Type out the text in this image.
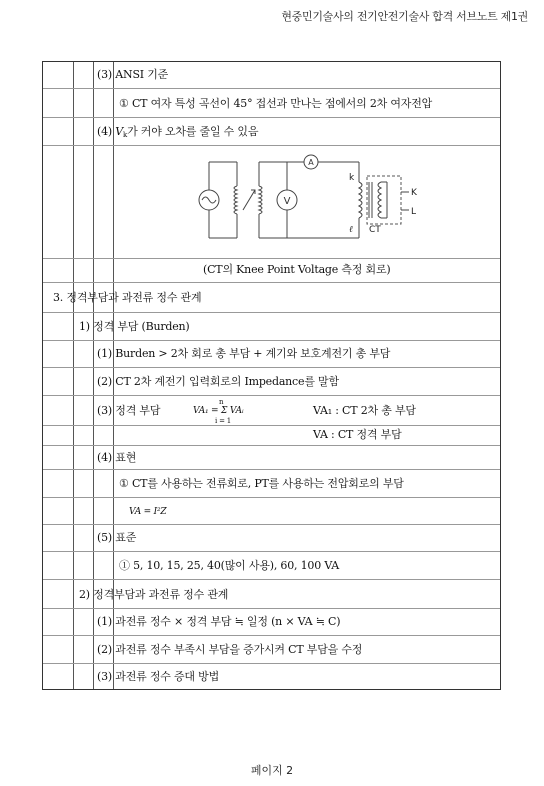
현중민기술사의 전기안전기술사 합격 서브노트 제1권
(3) ANSI 기준
① CT 여자 특성 곡선이 45° 접선과 만나는 점에서의 2차 여자전압
(4) $V_k$가 커야 오차를 줄일 수 있음
V
A
k
ℓ CT
K
L
(CT의 Knee Point Voltage 측정 회로)
3. 정격부담과 과전류 정수 관계
1) 정격 부담 (Burden)
(1) Burden > 2차 회로 총 부담 + 계기와 보호계전기 총 부담
(2) CT 2차 계전기 입력회로의 Impedance를 말함
(3) 정격 부담
n
VA₁ = Σ VAᵢ
i = 1
VA₁ : CT 2차 총 부담
VA : CT 정격 부담
(4) 표현
① CT를 사용하는 전류회로, PT를 사용하는 전압회로의 부담
VA = I²Z
(5) 표준
① 5, 10, 15, 25, 40(많이 사용), 60, 100 VA
2) 정격부담과 과전류 정수 관계
(1) 과전류 정수 × 정격 부담 ≒ 일정 (n × VA ≒ C)
(2) 과전류 정수 부족시 부담을 증가시켜 CT 부담을 수정
(3) 과전류 정수 증대 방법
페이지 2
